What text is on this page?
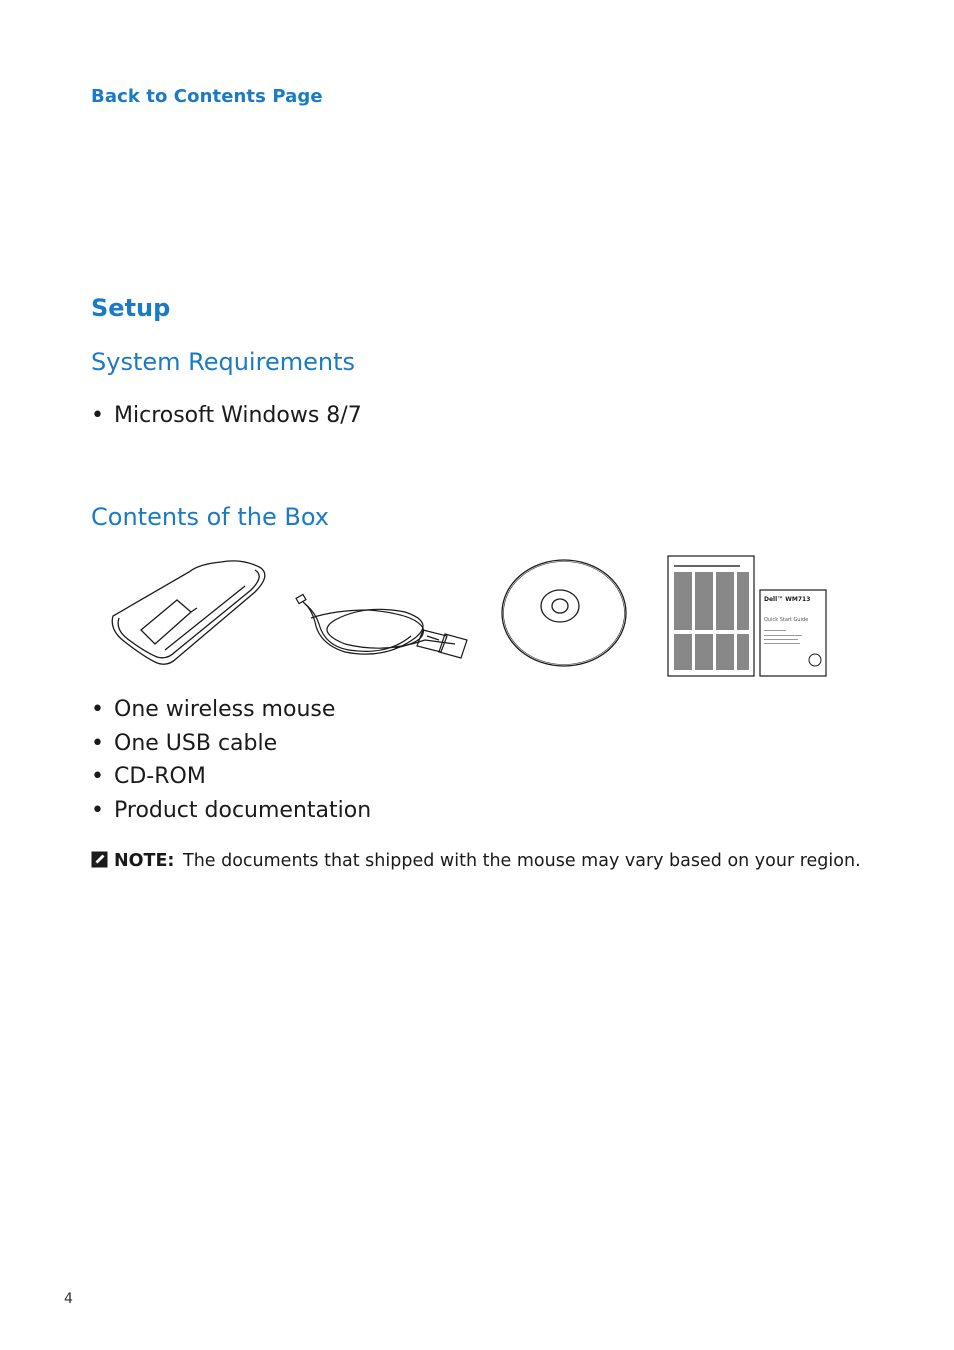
Back to Contents Page
Setup
System Requirements
• Microsoft Windows 8/7
Contents of the Box
Dell™ WM713
Quick Start Guide
• One wireless mouse
• One USB cable
• CD-ROM
• Product documentation
NOTE: The documents that shipped with the mouse may vary based on your region.
4
